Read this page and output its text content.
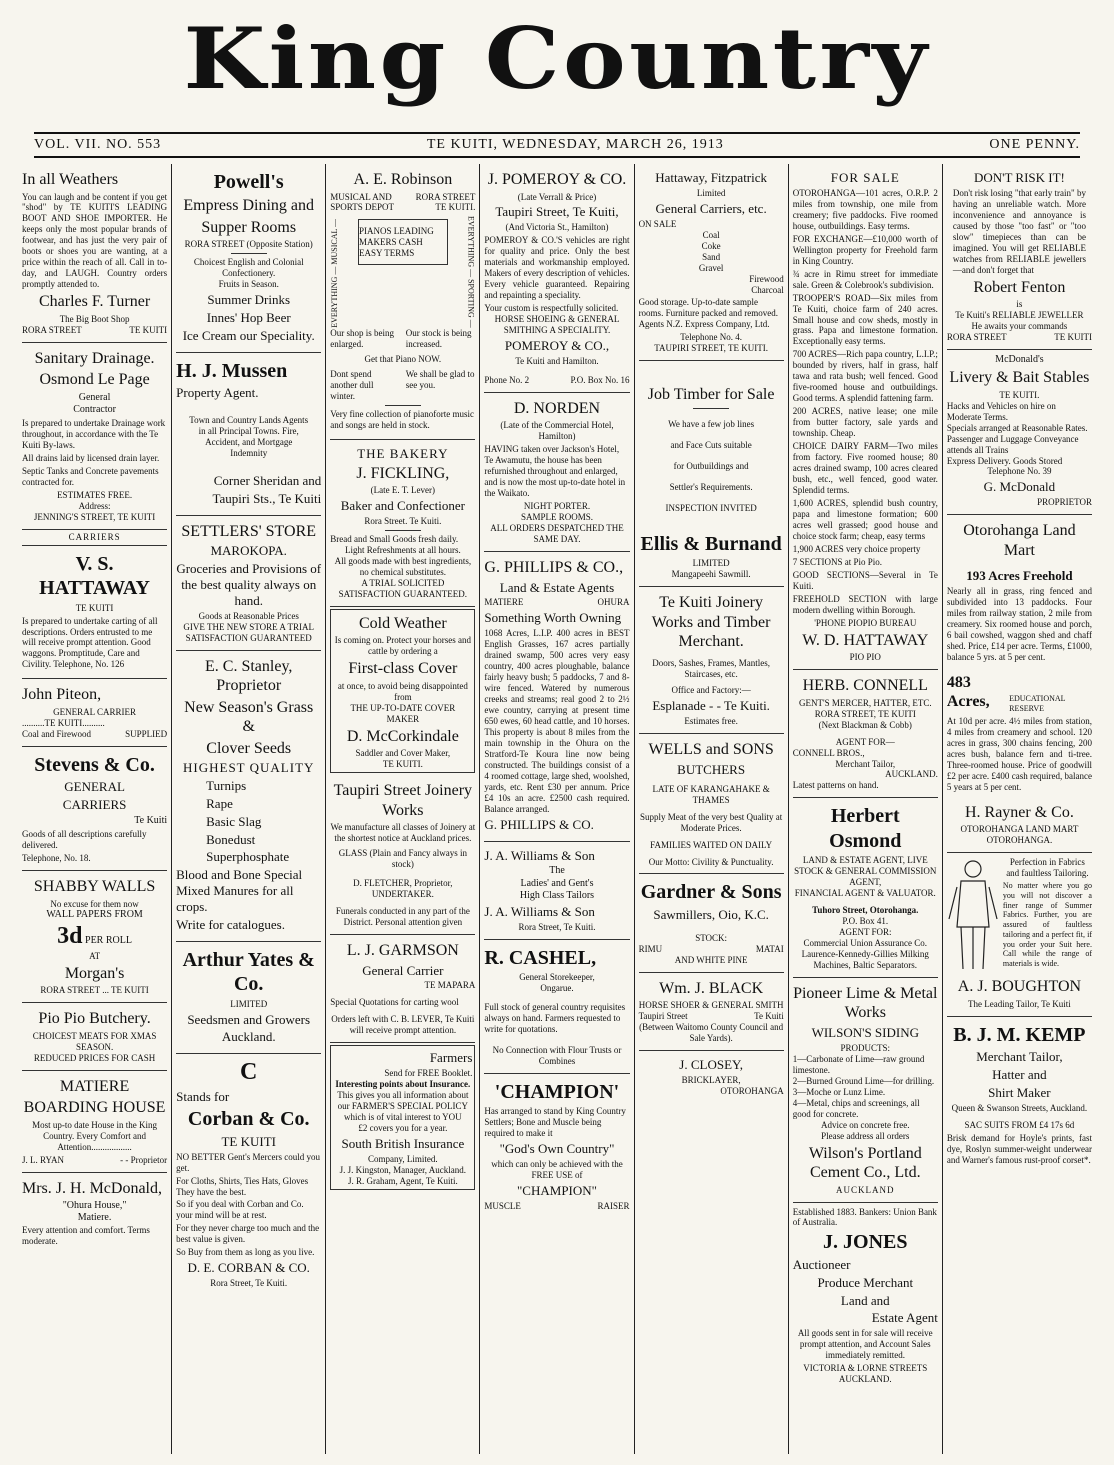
King Country
VOL. VII. NO. 553	TE KUITI, WEDNESDAY, MARCH 26, 1913	ONE PENNY.
In all Weathers

You can laugh and be content if you get "shod" by TE KUITI'S LEADING BOOT AND SHOE IMPORTER. He keeps only the most popular brands of footwear, and has just the very pair of boots or shoes you are wanting, at a price within the reach of all. Call in to-day, and LAUGH. Country orders promptly attended to.

Charles F. Turner
The Big Boot Shop
RORA STREET	TE KUITI
Sanitary Drainage.
Osmond Le Page
General
Contractor

Is prepared to undertake Drainage work throughout, in accordance with the Te Kuiti By-laws.

All drains laid by licensed drain layer.

Septic Tanks and Concrete pavements contracted for.

ESTIMATES FREE.
Address:
JENNING'S STREET, TE KUITI
CARRIERS
V. S. HATTAWAY
TE KUITI

Is prepared to undertake carting of all descriptions. Orders entrusted to me will receive prompt attention. Good waggons. Promptitude, Care and Civility. Telephone, No. 126

John Piteon,
GENERAL CARRIER
..........TE KUITI..........
Coal and Firewood	SUPPLIED
Stevens & Co.
GENERAL
CARRIERS
Te Kuiti

Goods of all descriptions carefully delivered.

Telephone, No. 18.
SHABBY WALLS
No excuse for them now
WALL PAPERS FROM
3d PER ROLL
AT
Morgan's
RORA STREET ... TE KUITI
Pio Pio Butchery.
CHOICEST MEATS FOR XMAS SEASON.
REDUCED PRICES FOR CASH
MATIERE
BOARDING HOUSE

Most up-to date House in the King Country. Every Comfort and Attention..................

J. L. RYAN	- - Proprietor
Mrs. J. H. McDonald,
"Ohura House,"
Matiere.
Every attention and comfort. Terms moderate.
Powell's
Empress Dining and
Supper Rooms
RORA STREET (Opposite Station)
Choicest English and Colonial Confectionery.
Fruits in Season.
Summer Drinks
Innes' Hop Beer
Ice Cream our Speciality.
H. J. Mussen
Property Agent.

Town and Country Lands Agents in all Principal Towns. Fire, Accident, and Mortgage Indemnity

Corner Sheridan and
Taupiri Sts., Te Kuiti
SETTLERS' STORE
MAROKOPA.
Groceries and Provisions of the best quality always on hand.
Goods at Reasonable Prices
GIVE THE NEW STORE A TRIAL SATISFACTION GUARANTEED
E. C. Stanley, Proprietor
New Season's Grass &
Clover Seeds
HIGHEST QUALITY
Turnips
Rape
Basic Slag
Bonedust
Superphosphate

Blood and Bone Special Mixed Manures for all crops.

Write for catalogues.
Arthur Yates & Co.
LIMITED
Seedsmen and Growers
Auckland.
C
Stands for
Corban & Co.
TE KUITI

NO BETTER Gent's Mercers could you get.

For Cloths, Shirts, Ties Hats, Gloves They have the best.

So if you deal with Corban and Co. your mind will be at rest.

For they never charge too much and the best value is given.

So Buy from them as long as you live.

D. E. CORBAN & CO.
Rora Street, Te Kuiti.
A. E. Robinson
MUSICAL AND	RORA STREET
SPORTS DEPOT	TE KUITI.
EVERYTHING — MUSICAL — PIANOS LEADING MAKERS CASH EASY TERMS	EVERYTHING — SPORTING —
Our shop is being enlarged.
Our stock is being increased.
Get that Piano NOW.
Dont spend another dull winter.
We shall be glad to see you.

Very fine collection of pianoforte music and songs are held in stock.

THE BAKERY
J. FICKLING,
(Late E. T. Lever)
Baker and Confectioner
Rora Street. Te Kuiti.
Bread and Small Goods fresh daily.
Light Refreshments at all hours.
All goods made with best ingredients, no chemical substitutes.
A TRIAL SOLICITED
SATISFACTION GUARANTEED.
Cold Weather
Is coming on. Protect your horses and cattle by ordering a
First-class Cover
at once, to avoid being disappointed from
THE UP-TO-DATE COVER MAKER
D. McCorkindale
Saddler and Cover Maker,
TE KUITI.
Taupiri Street Joinery Works
We manufacture all classes of Joinery at the shortest notice at Auckland prices.
GLASS (Plain and Fancy always in stock)
D. FLETCHER, Proprietor,
UNDERTAKER.
Funerals conducted in any part of the District. Personal attention given
L. J. GARMSON
General Carrier
TE MAPARA
Special Quotations for carting wool
Orders left with C. B. LEVER, Te Kuiti will receive prompt attention.
Farmers
Send for FREE Booklet.
Interesting points about Insurance.
This gives you all information about our FARMER'S SPECIAL POLICY which is of vital interest to YOU
£2 covers you for a year.
South British Insurance
Company, Limited.
J. J. Kingston, Manager, Auckland.
J. R. Graham, Agent, Te Kuiti.
J. POMEROY & CO.
(Late Verrall & Price)
Taupiri Street, Te Kuiti,
(And Victoria St., Hamilton)

POMEROY & CO.'S vehicles are right for quality and price. Only the best materials and workmanship employed. Makers of every description of vehicles. Every vehicle guaranteed. Repairing and repainting a speciality.

Your custom is respectfully solicited.
HORSE SHOEING & GENERAL SMITHING A SPECIALITY.
POMEROY & CO.,
Te Kuiti and Hamilton.
Phone No. 2	P.O. Box No. 16
D. NORDEN
(Late of the Commercial Hotel, Hamilton)

HAVING taken over Jackson's Hotel, Te Awamutu, the house has been refurnished throughout and enlarged, and is now the most up-to-date hotel in the Waikato.

NIGHT PORTER.
SAMPLE ROOMS.
ALL ORDERS DESPATCHED THE SAME DAY.
G. PHILLIPS & CO.,
Land & Estate Agents
MATIERE	OHURA
Something Worth Owning

1068 Acres, L.I.P. 400 acres in BEST English Grasses, 167 acres partially drained swamp, 500 acres very easy country, 400 acres ploughable, balance fairly heavy bush; 5 paddocks, 7 and 8-wire fenced. Watered by numerous creeks and streams; real good 2 to 2½ ewe country, carrying at present time 650 ewes, 60 head cattle, and 10 horses. This property is about 8 miles from the main township in the Ohura on the Stratford-Te Koura line now being constructed. The buildings consist of a 4 roomed cottage, large shed, woolshed, yards, etc. Rent £30 per annum. Price £4 10s an acre. £2500 cash required. Balance arranged.

G. PHILLIPS & CO.
J. A. Williams & Son
The
Ladies' and Gent's
High Class Tailors
J. A. Williams & Son
Rora Street, Te Kuiti.
R. CASHEL,
General Storekeeper,
Ongarue.

Full stock of general country requisites always on hand. Farmers requested to write for quotations.

No Connection with Flour Trusts or Combines
'CHAMPION'

Has arranged to stand by King Country Settlers; Bone and Muscle being required to make it

"God's Own Country"
which can only be achieved with the FREE USE of
"CHAMPION"
MUSCLE	RAISER
Hattaway, Fitzpatrick
Limited
General Carriers, etc.
ON SALE
Coal
Coke
Sand
Gravel
Firewood
Charcoal

Good storage. Up-to-date sample rooms. Furniture packed and removed. Agents N.Z. Express Company, Ltd.

Telephone No. 4.
TAUPIRI STREET, TE KUITI.
Job Timber for Sale
We have a few job lines
and Face Cuts suitable
for Outbuildings and
Settler's Requirements.
INSPECTION INVITED
Ellis & Burnand
LIMITED
Mangapeehi Sawmill.
Te Kuiti Joinery Works and Timber Merchant.
Doors, Sashes, Frames, Mantles, Staircases, etc.
Office and Factory:—
Esplanade - - Te Kuiti.
Estimates free.
WELLS and SONS
BUTCHERS
LATE OF KARANGAHAKE & THAMES
Supply Meat of the very best Quality at Moderate Prices.
FAMILIES WAITED ON DAILY
Our Motto: Civility & Punctuality.
Gardner & Sons
Sawmillers, Oio, K.C.
STOCK:
RIMU	MATAI
AND WHITE PINE
Wm. J. BLACK
HORSE SHOER & GENERAL SMITH
Taupiri Street	Te Kuiti
(Between Waitomo County Council and Sale Yards).
J. CLOSEY,
BRICKLAYER,
OTOROHANGA
FOR SALE

OTOROHANGA—101 acres, O.R.P. 2 miles from township, one mile from creamery; five paddocks. Five roomed house, outbuildings. Easy terms.

FOR EXCHANGE—£10,000 worth of Wellington property for Freehold farm in King Country.

¾ acre in Rimu street for immediate sale. Green & Colebrook's subdivision.

TROOPER'S ROAD—Six miles from Te Kuiti, choice farm of 240 acres. Small house and cow sheds, mostly in grass. Papa and limestone formation. Exceptionally easy terms.

700 ACRES—Rich papa country, L.I.P.; bounded by rivers, half in grass, half tawa and rata bush; well fenced. Good five-roomed house and outbuildings. Good terms. A splendid fattening farm.

200 ACRES, native lease; one mile from butter factory, sale yards and township. Cheap.

CHOICE DAIRY FARM—Two miles from factory. Five roomed house; 80 acres drained swamp, 100 acres cleared bush, etc., well fenced, good water. Splendid terms.

1,600 ACRES, splendid bush country, papa and limestone formation; 600 acres well grassed; good house and choice stock farm; cheap, easy terms

1,900 ACRES very choice property

7 SECTIONS at Pio Pio.

GOOD SECTIONS—Several in Te Kuiti.

FREEHOLD SECTION with large modern dwelling within Borough.

'PHONE PIOPIO BUREAU
W. D. HATTAWAY
PIO PIO
HERB. CONNELL
GENT'S MERCER, HATTER, ETC.
RORA STREET, TE KUITI
(Next Blackman & Cobb)
AGENT FOR—
CONNELL BROS.,
Merchant Tailor,
AUCKLAND.
Latest patterns on hand.
Herbert Osmond
LAND & ESTATE AGENT, LIVE STOCK & GENERAL COMMISSION AGENT,
FINANCIAL AGENT & VALUATOR.
Tuhoro Street, Otorohanga.
P.O. Box 41.
AGENT FOR:
Commercial Union Assurance Co. Laurence-Kennedy-Gillies Milking Machines, Baltic Separators.
Pioneer Lime & Metal Works
WILSON'S SIDING
PRODUCTS:
1—Carbonate of Lime—raw ground limestone.
2—Burned Ground Lime—for drilling.
3—Moche or Lunz Lime.
4—Metal, chips and screenings, all good for concrete.
Advice on concrete free.
Please address all orders
Wilson's Portland Cement Co., Ltd.
AUCKLAND
Established 1883. Bankers: Union Bank of Australia.
J. JONES
Auctioneer
Produce Merchant
Land and
Estate Agent

All goods sent in for sale will receive prompt attention, and Account Sales immediately remitted.

VICTORIA & LORNE STREETS AUCKLAND.
DON'T RISK IT!

Don't risk losing "that early train" by having an unreliable watch. More inconvenience and annoyance is caused by those "too fast" or "too slow" timepieces than can be imagined. You will get RELIABLE watches from RELIABLE jewellers—and don't forget that

Robert Fenton
is
Te Kuiti's RELIABLE JEWELLER
He awaits your commands
RORA STREET	TE KUITI
McDonald's
Livery & Bait Stables
TE KUITI.
Hacks and Vehicles on hire on Moderate Terms.
Specials arranged at Reasonable Rates.
Passenger and Luggage Conveyance attends all Trains
Express Delivery. Goods Stored
Telephone No. 39
G. McDonald
PROPRIETOR
Otorohanga Land Mart
193 Acres Freehold

Nearly all in grass, ring fenced and subdivided into 13 paddocks. Four miles from railway station, 2 mile from creamery. Six roomed house and porch, 6 bail cowshed, waggon shed and chaff shed. Price, £14 per acre. Terms, £1000, balance 5 yrs. at 5 per cent.

483 Acres,	EDUCATIONAL RESERVE

At 10d per acre. 4½ miles from station, 4 miles from creamery and school. 120 acres in grass, 300 chains fencing, 200 acres bush, balance fern and ti-tree. Three-roomed house. Price of goodwill £2 per acre. £400 cash required, balance 5 years at 5 per cent.

H. Rayner & Co.
OTOROHANGA LAND MART
OTOROHANGA.
Perfection in Fabrics and faultless Tailoring.

No matter where you go you will not discover a finer range of Summer Fabrics. Further, you are assured of faultless tailoring and a perfect fit, if you order your Suit here. Call while the range of materials is wide.

A. J. BOUGHTON
The Leading Tailor, Te Kuiti
B. J. M. KEMP
Merchant Tailor,
Hatter and
Shirt Maker
Queen & Swanson Streets, Auckland.
SAC SUITS FROM £4 17s 6d

Brisk demand for Hoyle's prints, fast dye, Roslyn summer-weight underwear and Warner's famous rust-proof corset*.
